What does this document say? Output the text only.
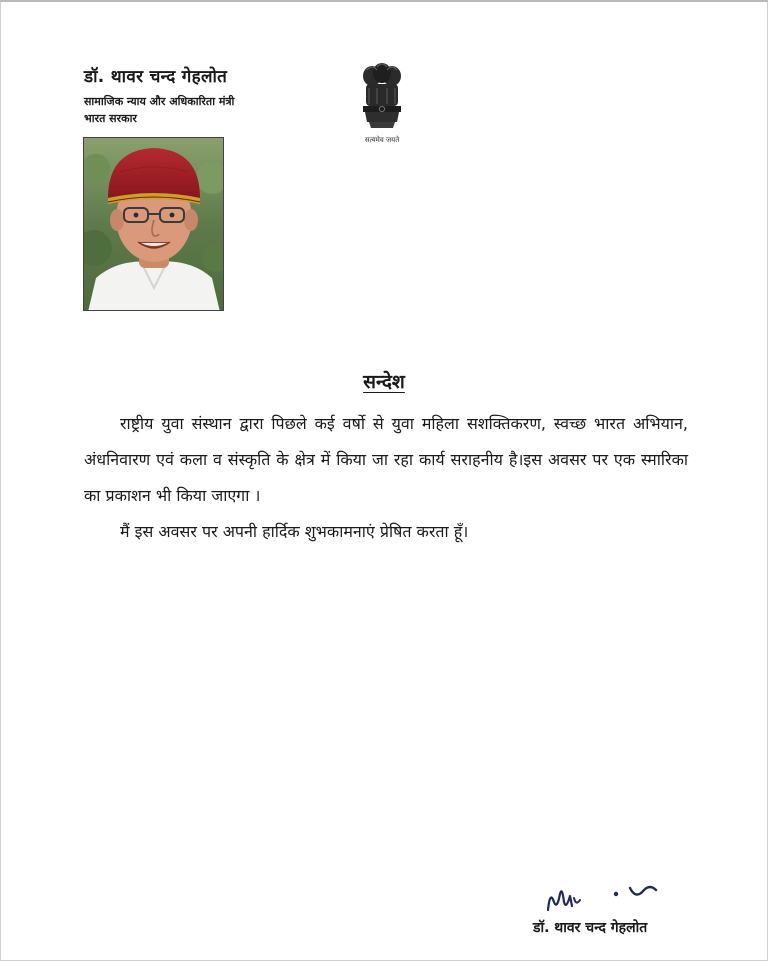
डॉ. थावर चन्द गेहलोत

सामाजिक न्याय और अधिकारिता मंत्री

भारत सरकार

सत्यमेव जयते
सन्देश

राष्ट्रीय युवा संस्थान द्वारा पिछले कई वर्षो से युवा महिला सशक्तिकरण, स्वच्छ भारत अभियान, अंधनिवारण एवं कला व संस्कृति के क्षेत्र में किया जा रहा कार्य सराहनीय है।इस अवसर पर एक स्मारिका का प्रकाशन भी किया जाएगा ।

मैं इस अवसर पर अपनी हार्दिक शुभकामनाएं प्रेषित करता हूँ।

डॉ. थावर चन्द गेहलोत
